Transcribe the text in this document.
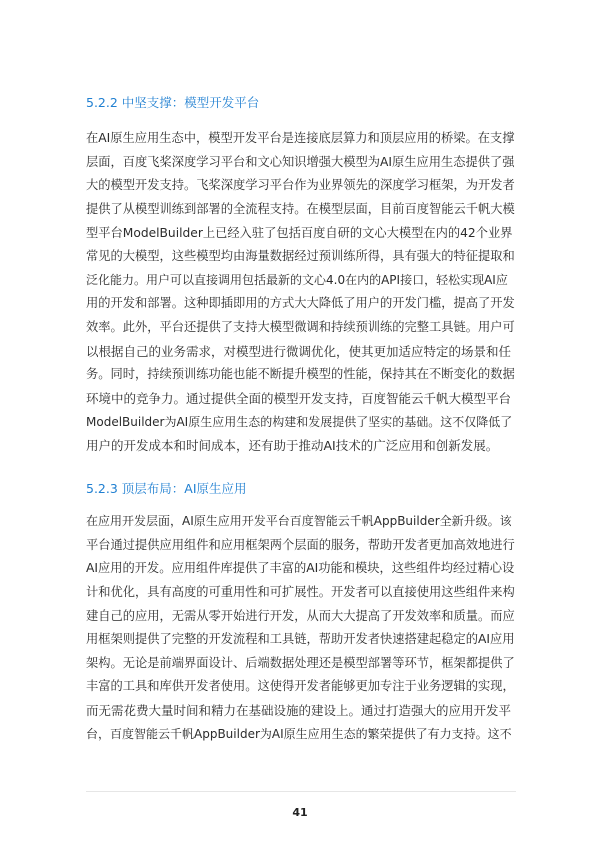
5.2.2 中坚支撑：模型开发平台
在AI原生应用生态中，模型开发平台是连接底层算力和顶层应用的桥梁。在支撑
层面，百度飞桨深度学习平台和文心知识增强大模型为AI原生应用生态提供了强
大的模型开发支持。飞桨深度学习平台作为业界领先的深度学习框架，为开发者
提供了从模型训练到部署的全流程支持。在模型层面，目前百度智能云千帆大模
型平台ModelBuilder上已经入驻了包括百度自研的文心大模型在内的42个业界
常见的大模型，这些模型均由海量数据经过预训练所得，具有强大的特征提取和
泛化能力。用户可以直接调用包括最新的文心4.0在内的API接口，轻松实现AI应
用的开发和部署。这种即插即用的方式大大降低了用户的开发门槛，提高了开发
效率。此外，平台还提供了支持大模型微调和持续预训练的完整工具链。用户可
以根据自己的业务需求，对模型进行微调优化，使其更加适应特定的场景和任
务。同时，持续预训练功能也能不断提升模型的性能，保持其在不断变化的数据
环境中的竞争力。通过提供全面的模型开发支持，百度智能云千帆大模型平台
ModelBuilder为AI原生应用生态的构建和发展提供了坚实的基础。这不仅降低了
用户的开发成本和时间成本，还有助于推动AI技术的广泛应用和创新发展。
5.2.3 顶层布局：AI原生应用
在应用开发层面，AI原生应用开发平台百度智能云千帆AppBuilder全新升级。该
平台通过提供应用组件和应用框架两个层面的服务，帮助开发者更加高效地进行
AI应用的开发。应用组件库提供了丰富的AI功能和模块，这些组件均经过精心设
计和优化，具有高度的可重用性和可扩展性。开发者可以直接使用这些组件来构
建自己的应用，无需从零开始进行开发，从而大大提高了开发效率和质量。而应
用框架则提供了完整的开发流程和工具链，帮助开发者快速搭建起稳定的AI应用
架构。无论是前端界面设计、后端数据处理还是模型部署等环节，框架都提供了
丰富的工具和库供开发者使用。这使得开发者能够更加专注于业务逻辑的实现，
而无需花费大量时间和精力在基础设施的建设上。通过打造强大的应用开发平
台，百度智能云千帆AppBuilder为AI原生应用生态的繁荣提供了有力支持。这不
41
